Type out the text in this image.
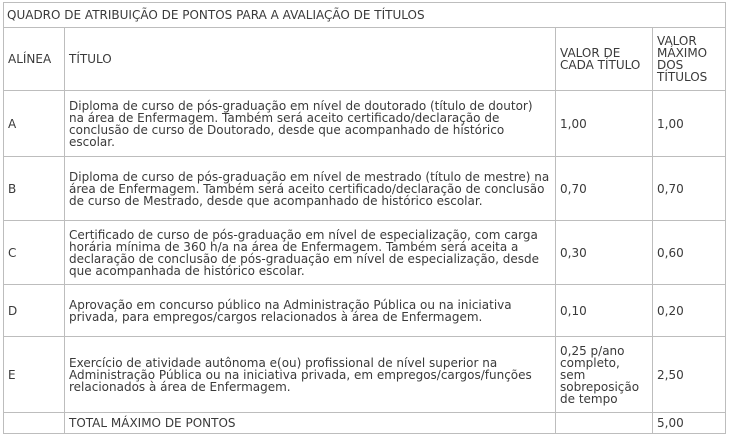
QUADRO DE ATRIBUIÇÃO DE PONTOS PARA A AVALIAÇÃO DE TÍTULOS			
ALÍNEA	TÍTULO	VALOR DE CADA TÍTULO	VALOR MÁXIMO DOS TÍTULOS
A	Diploma de curso de pós-graduação em nível de doutorado (título de doutor) na área de Enfermagem. Também será aceito certificado/declaração de conclusão de curso de Doutorado, desde que acompanhado de histórico escolar.	1,00	1,00
B	Diploma de curso de pós-graduação em nível de mestrado (título de mestre) na área de Enfermagem. Também será aceito certificado/declaração de conclusão de curso de Mestrado, desde que acompanhado de histórico escolar.	0,70	0,70
C	Certificado de curso de pós-graduação em nível de especialização, com carga horária mínima de 360 h/a na área de Enfermagem. Também será aceita a declaração de conclusão de pós-graduação em nível de especialização, desde que acompanhada de histórico escolar.	0,30	0,60
D	Aprovação em concurso público na Administração Pública ou na iniciativa privada, para empregos/cargos relacionados à área de Enfermagem.	0,10	0,20
E	Exercício de atividade autônoma e(ou) profissional de nível superior na Administração Pública ou na iniciativa privada, em empregos/cargos/funções relacionados à área de Enfermagem.	0,25 p/ano completo, sem sobreposição de tempo	2,50
	TOTAL MÁXIMO DE PONTOS		5,00
